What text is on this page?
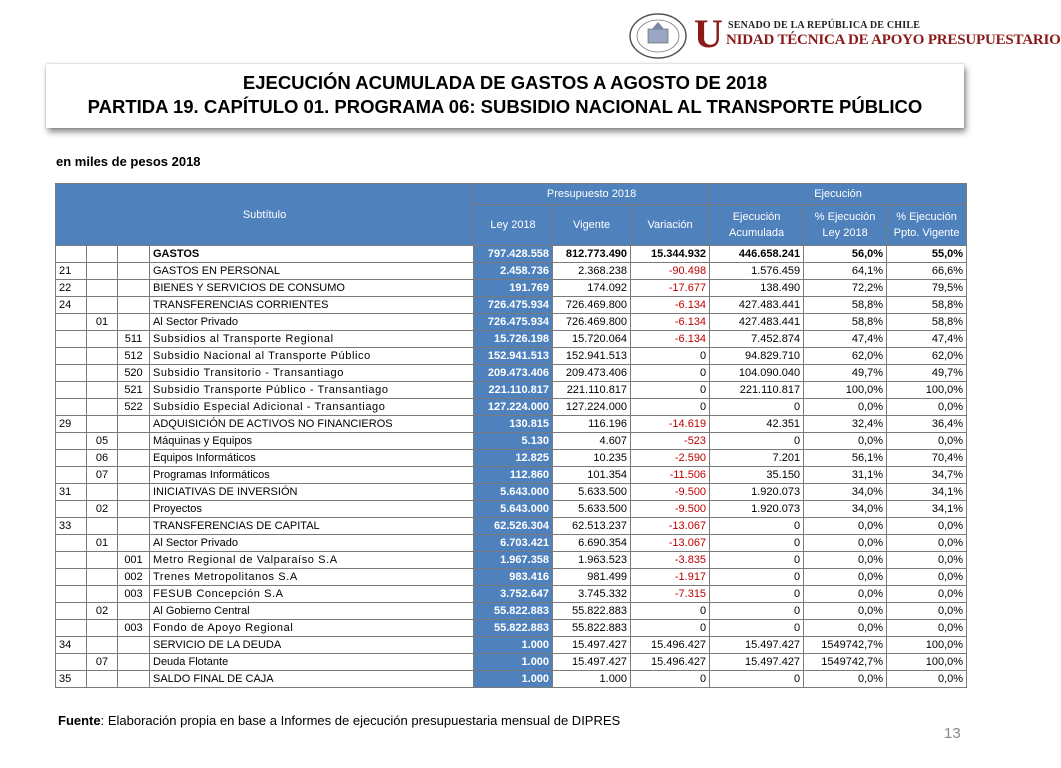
U SENADO DE LA REPÚBLICA DE CHILE
NIDAD TÉCNICA DE APOYO PRESUPUESTARIO
EJECUCIÓN ACUMULADA DE GASTOS A AGOSTO DE 2018
PARTIDA 19. CAPÍTULO 01. PROGRAMA 06: SUBSIDIO NACIONAL AL TRANSPORTE PÚBLICO
en miles de pesos 2018
Subtítulo				Presupuesto 2018			Ejecución		
				Ley 2018	Vigente	Variación	Ejecución Acumulada	% Ejecución Ley 2018	% Ejecución Ppto. Vigente
			GASTOS	797.428.558	812.773.490	15.344.932	446.658.241	56,0%	55,0%
21			GASTOS EN PERSONAL	2.458.736	2.368.238	-90.498	1.576.459	64,1%	66,6%
22			BIENES Y SERVICIOS DE CONSUMO	191.769	174.092	-17.677	138.490	72,2%	79,5%
24			TRANSFERENCIAS CORRIENTES	726.475.934	726.469.800	-6.134	427.483.441	58,8%	58,8%
	01		Al Sector Privado	726.475.934	726.469.800	-6.134	427.483.441	58,8%	58,8%
		511	Subsidios al Transporte Regional	15.726.198	15.720.064	-6.134	7.452.874	47,4%	47,4%
		512	Subsidio Nacional al Transporte Público	152.941.513	152.941.513	0	94.829.710	62,0%	62,0%
		520	Subsidio Transitorio - Transantiago	209.473.406	209.473.406	0	104.090.040	49,7%	49,7%
		521	Subsidio Transporte Público - Transantiago	221.110.817	221.110.817	0	221.110.817	100,0%	100,0%
		522	Subsidio Especial Adicional - Transantiago	127.224.000	127.224.000	0	0	0,0%	0,0%
29			ADQUISICIÓN DE ACTIVOS NO FINANCIEROS	130.815	116.196	-14.619	42.351	32,4%	36,4%
	05		Máquinas y Equipos	5.130	4.607	-523	0	0,0%	0,0%
	06		Equipos Informáticos	12.825	10.235	-2.590	7.201	56,1%	70,4%
	07		Programas Informáticos	112.860	101.354	-11.506	35.150	31,1%	34,7%
31			INICIATIVAS DE INVERSIÓN	5.643.000	5.633.500	-9.500	1.920.073	34,0%	34,1%
	02		Proyectos	5.643.000	5.633.500	-9.500	1.920.073	34,0%	34,1%
33			TRANSFERENCIAS DE CAPITAL	62.526.304	62.513.237	-13.067	0	0,0%	0,0%
	01		Al Sector Privado	6.703.421	6.690.354	-13.067	0	0,0%	0,0%
		001	Metro Regional de Valparaíso S.A	1.967.358	1.963.523	-3.835	0	0,0%	0,0%
		002	Trenes Metropolitanos S.A	983.416	981.499	-1.917	0	0,0%	0,0%
		003	FESUB Concepción S.A	3.752.647	3.745.332	-7.315	0	0,0%	0,0%
	02		Al Gobierno Central	55.822.883	55.822.883	0	0	0,0%	0,0%
		003	Fondo de Apoyo Regional	55.822.883	55.822.883	0	0	0,0%	0,0%
34			SERVICIO DE LA DEUDA	1.000	15.497.427	15.496.427	15.497.427	1549742,7%	100,0%
	07		Deuda Flotante	1.000	15.497.427	15.496.427	15.497.427	1549742,7%	100,0%
35			SALDO FINAL DE CAJA	1.000	1.000	0	0	0,0%	0,0%
Fuente: Elaboración propia en base a Informes de ejecución presupuestaria mensual de DIPRES
13
